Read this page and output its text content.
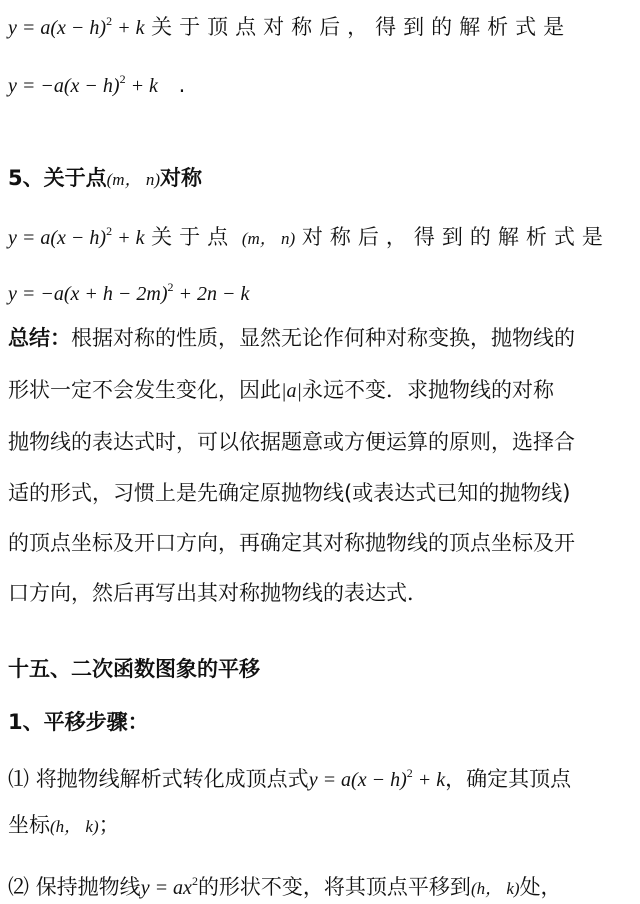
$y = a(x - h)^2 + k$ 关于顶点对称后，得到的解析式是
$y = -a(x - h)^2 + k$ .
5、关于点(m， n)对称
$y = a(x - h)^2 + k$ 关于点 (m， n) 对称后，得到的解析式是
$y = -a(x + h - 2m)^2 + 2n - k$
总结：根据对称的性质，显然无论作何种对称变换，抛物线的
形状一定不会发生变化，因此|a|永远不变．求抛物线的对称
抛物线的表达式时，可以依据题意或方便运算的原则，选择合
适的形式，习惯上是先确定原抛物线(或表达式已知的抛物线)
的顶点坐标及开口方向，再确定其对称抛物线的顶点坐标及开
口方向，然后再写出其对称抛物线的表达式．
十五、二次函数图象的平移
1、平移步骤：
⑴ 将抛物线解析式转化成顶点式$y = a(x - h)^2 + k$，确定其顶点
坐标(h， k)；
⑵ 保持抛物线$y = ax^2$的形状不变，将其顶点平移到(h， k)处，
